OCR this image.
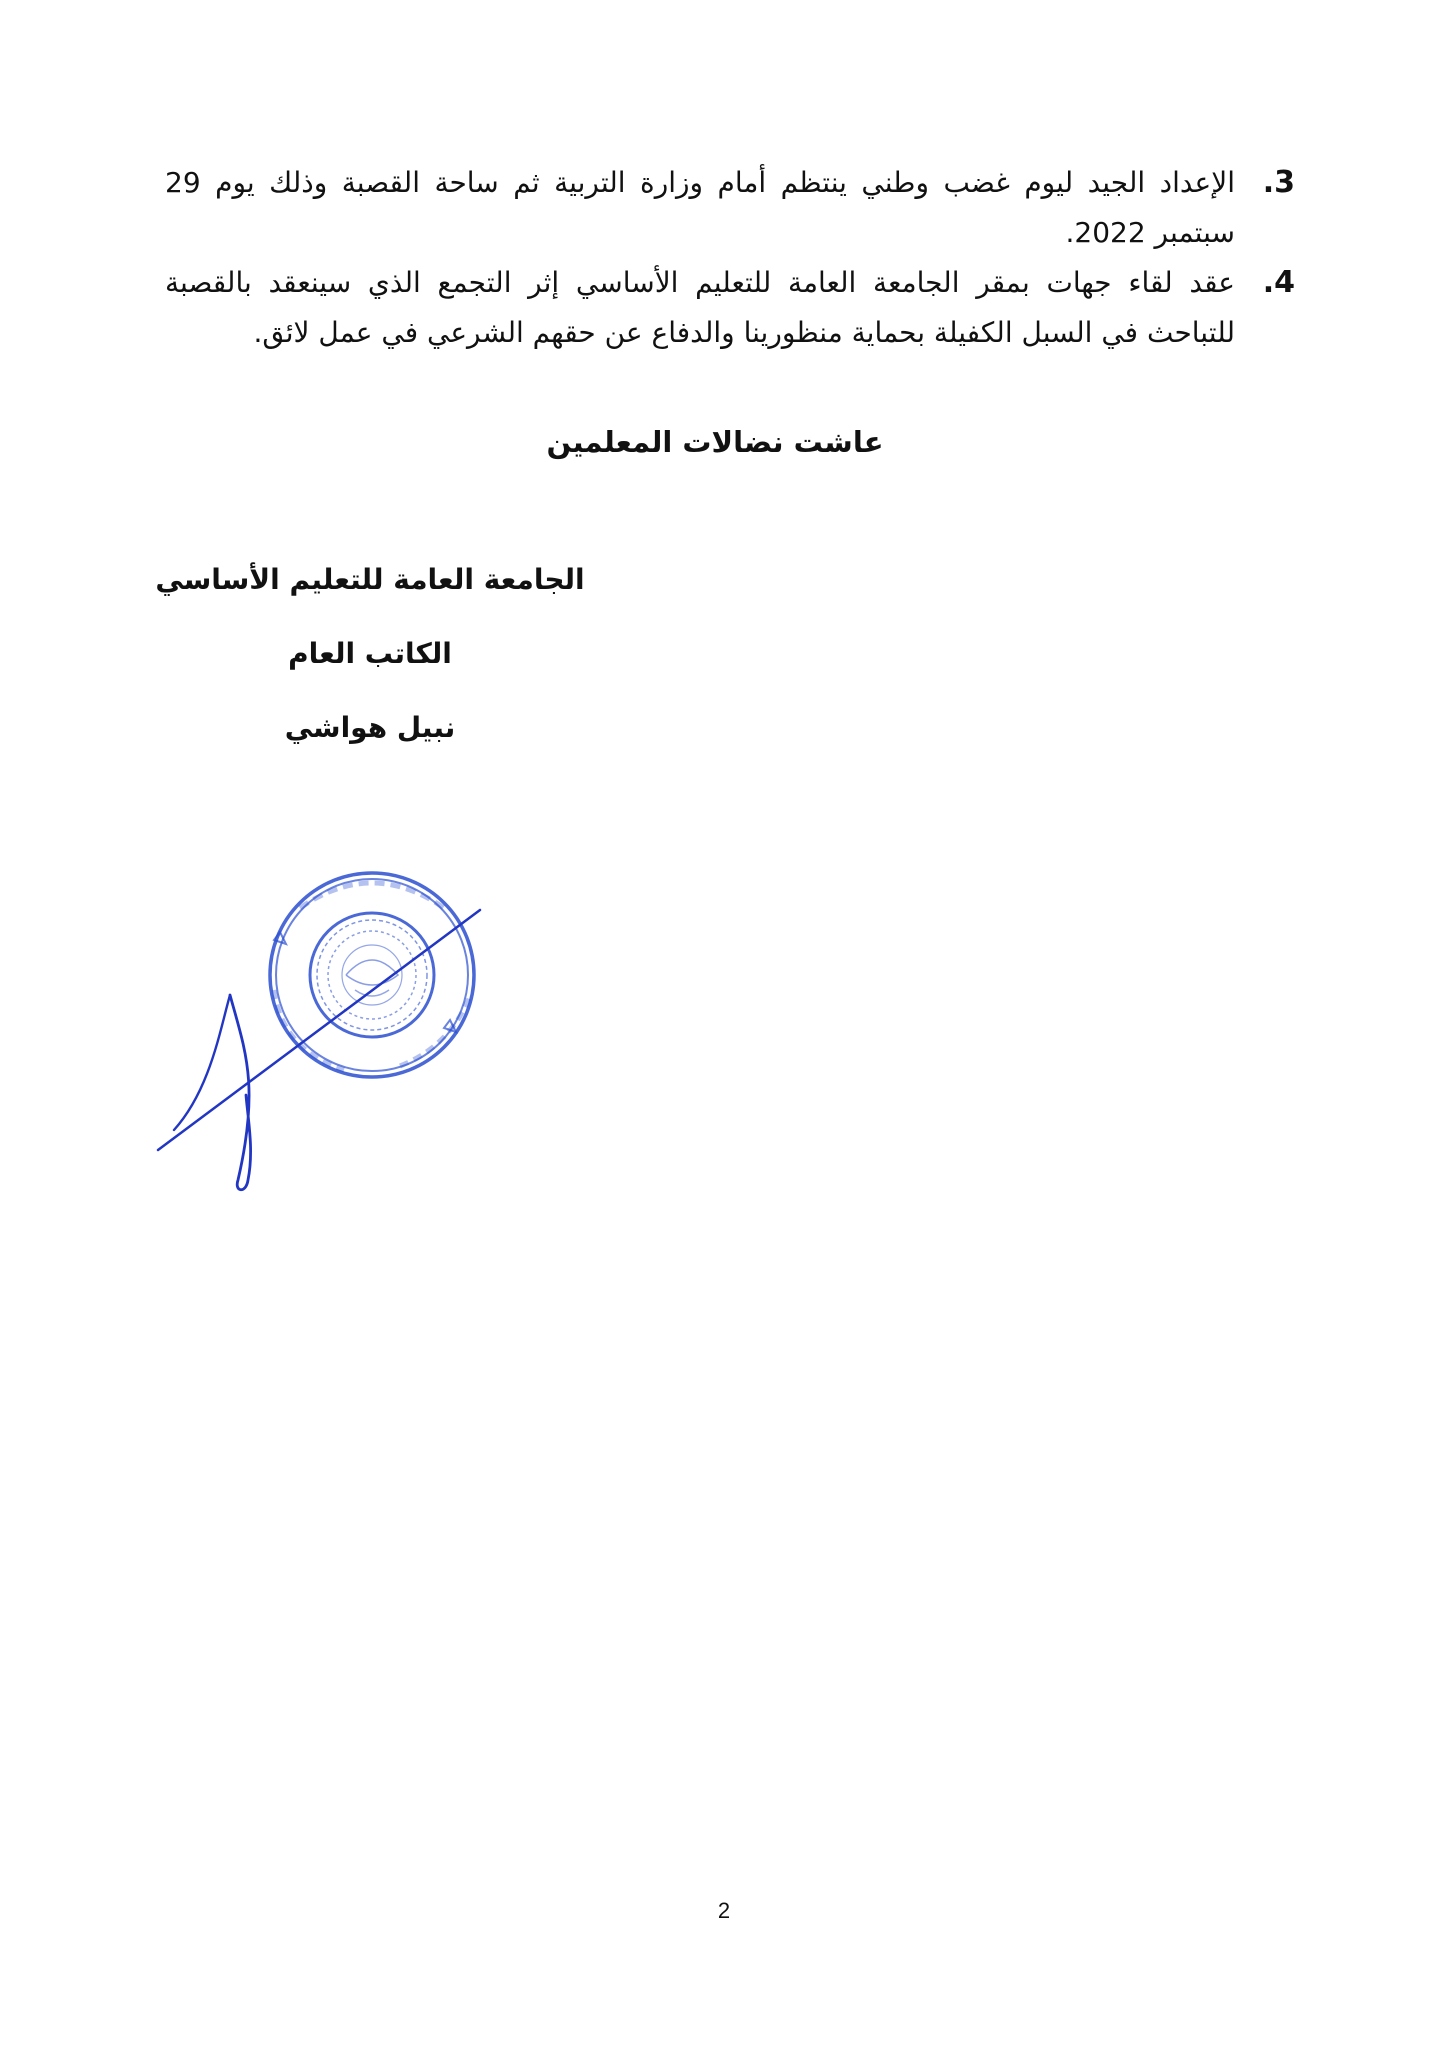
.3
الإعداد الجيد ليوم غضب وطني ينتظم أمام وزارة التربية ثم ساحة القصبة وذلك يوم 29 سبتمبر 2022.
.4
عقد لقاء جهات بمقر الجامعة العامة للتعليم الأساسي إثر التجمع الذي سينعقد بالقصبة للتباحث في السبل الكفيلة بحماية منظورينا والدفاع عن حقهم الشرعي في عمل لائق.
عاشت نضالات المعلمين
الجامعة العامة للتعليم الأساسي
الكاتب العام
نبيل هواشي
2
